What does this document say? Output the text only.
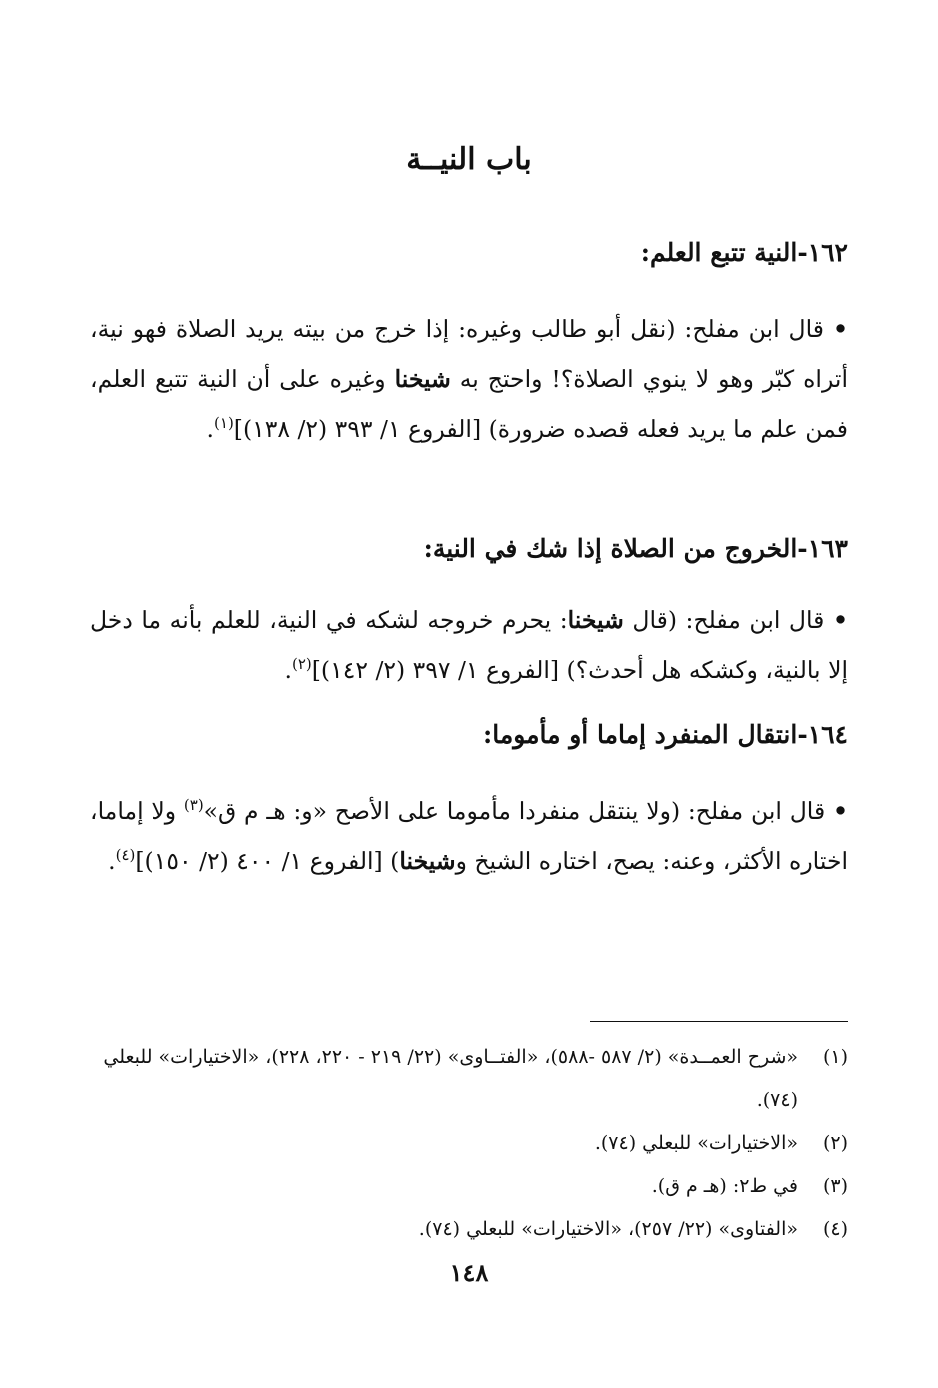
باب النيــة
١٦٢-النية تتبع العلم:

• قال ابن مفلح: (نقل أبو طالب وغيره: إذا خرج من بيته يريد الصلاة فهو نية، أتراه كبّر وهو لا ينوي الصلاة؟! واحتج به شيخنا وغيره على أن النية تتبع العلم، فمن علم ما يريد فعله قصده ضرورة) [الفروع ١/ ٣٩٣ (٢/ ١٣٨)]$^{(١)}$.

١٦٣-الخروج من الصلاة إذا شك في النية:

• قال ابن مفلح: (قال شيخنا: يحرم خروجه لشكه في النية، للعلم بأنه ما دخل إلا بالنية، وكشكه هل أحدث؟) [الفروع ١/ ٣٩٧ (٢/ ١٤٢)]$^{(٢)}$.

١٦٤-انتقال المنفرد إماما أو مأموما:

• قال ابن مفلح: (ولا ينتقل منفردا مأموما على الأصح «و: هـ م ق»$^{(٣)}$ ولا إماما، اختاره الأكثر، وعنه: يصح، اختاره الشيخ وشيخنا) [الفروع ١/ ٤٠٠ (٢/ ١٥٠)]$^{(٤)}$.

(١)
«شرح العمــدة» (٢/ ٥٨٧ -٥٨٨)، «الفتــاوى» (٢٢/ ٢١٩ - ٢٢٠، ٢٢٨)، «الاختيارات» للبعلي (٧٤).
(٢)
«الاختيارات» للبعلي (٧٤).
(٣)
في ط٢: (هـ م ق).
(٤)
«الفتاوى» (٢٢/ ٢٥٧)، «الاختيارات» للبعلي (٧٤).
١٤٨
